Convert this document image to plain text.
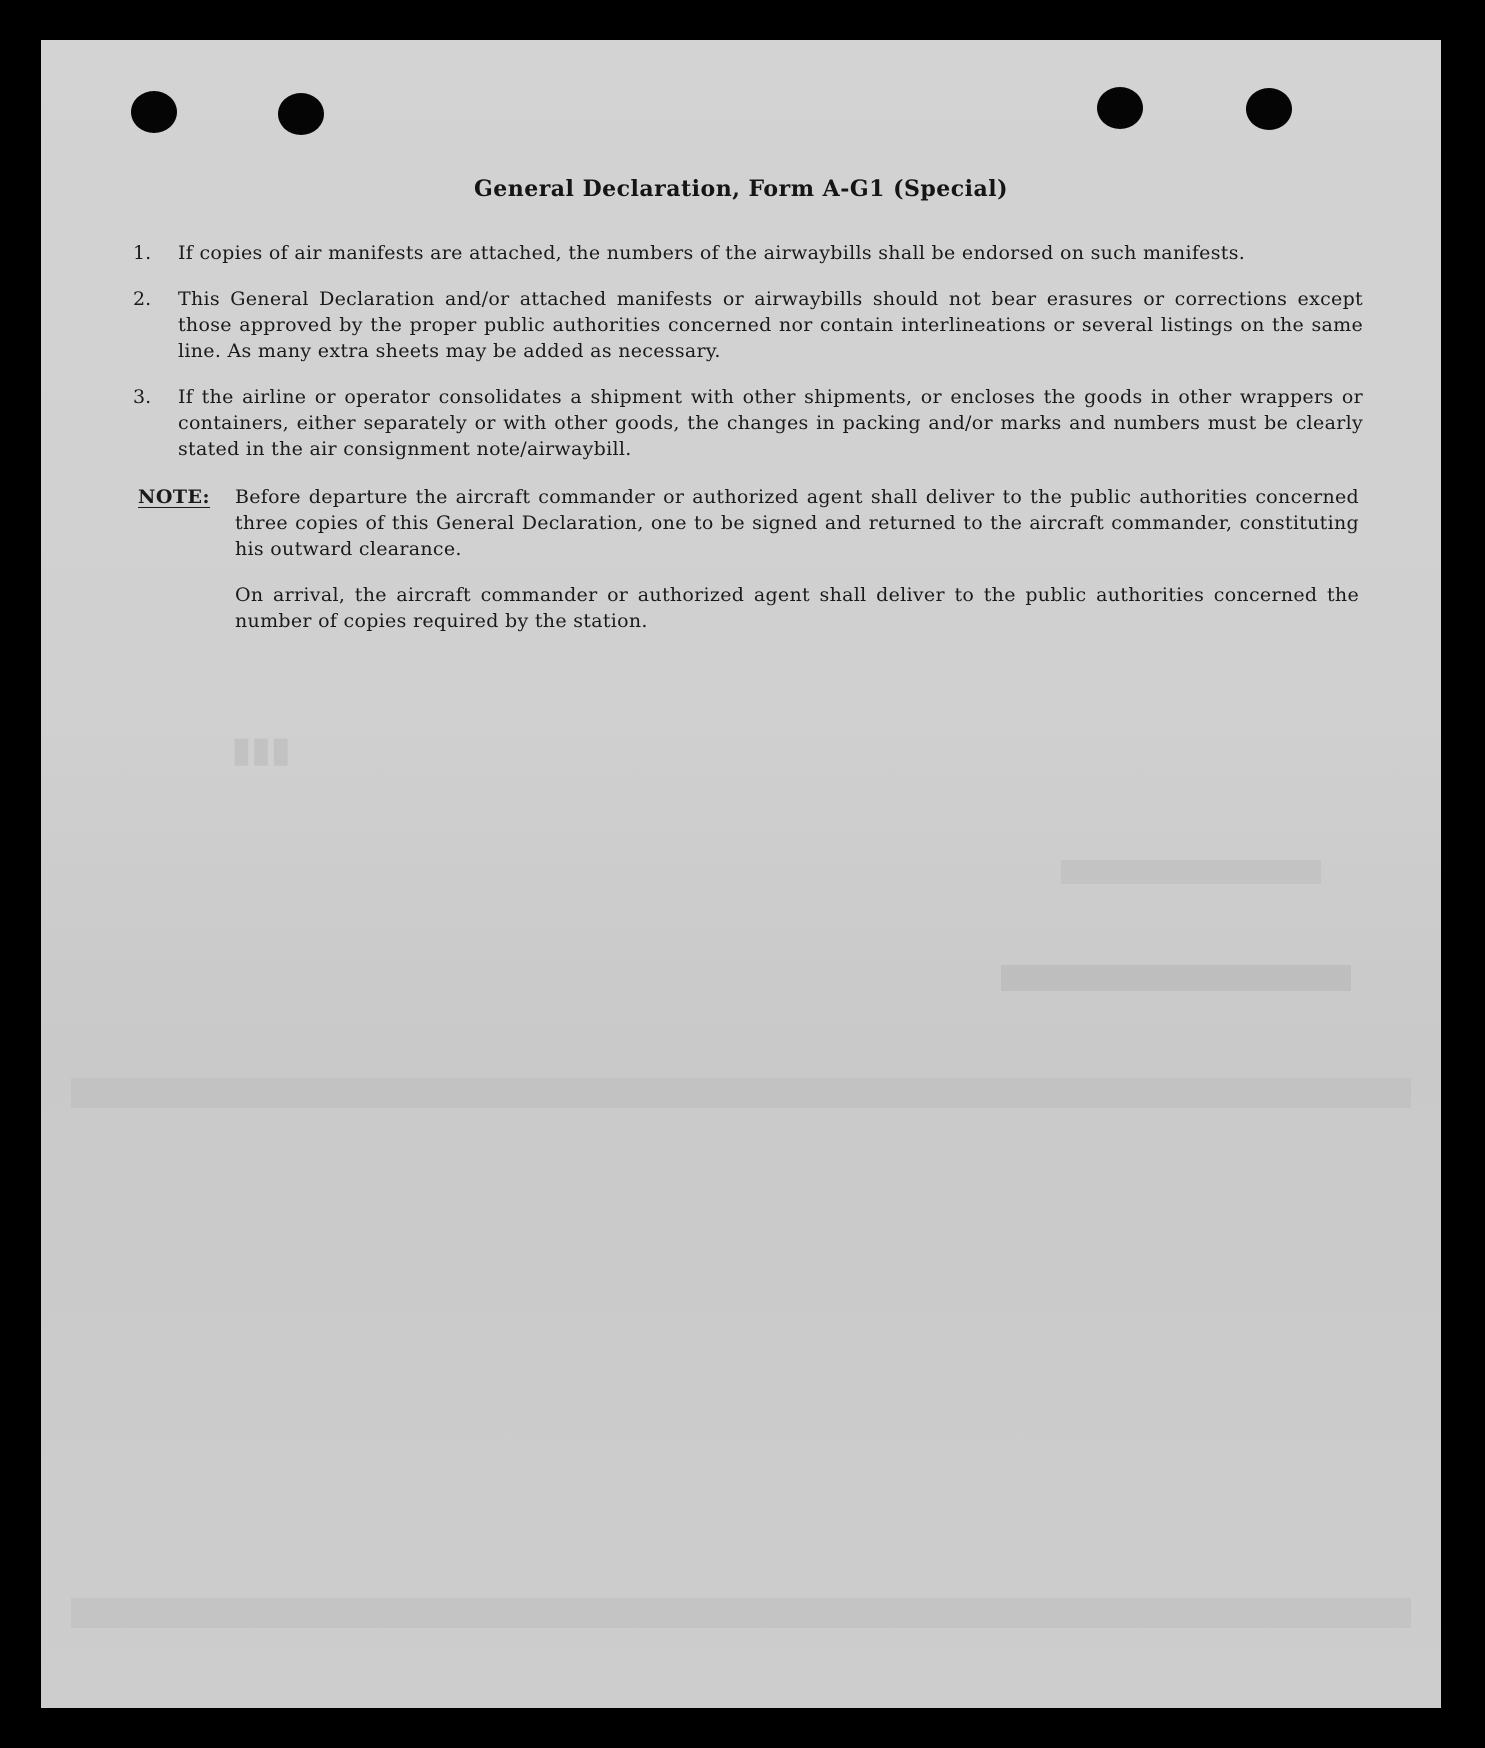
▮▮▮
General Declaration, Form A-G1 (Special)
1.	If copies of air manifests are attached, the numbers of the airwaybills shall be endorsed on such manifests.
2.	This General Declaration and/or attached manifests or airwaybills should not bear erasures or corrections except those approved by the proper public authorities concerned nor contain interlineations or several listings on the same line. As many extra sheets may be added as necessary.
3.	If the airline or operator consolidates a shipment with other shipments, or encloses the goods in other wrappers or containers, either separately or with other goods, the changes in packing and/or marks and numbers must be clearly stated in the air consignment note/airwaybill.
NOTE: Before departure the aircraft commander or authorized agent shall deliver to the public authorities concerned three copies of this General Declaration, one to be signed and returned to the aircraft commander, constituting his outward clearance.
On arrival, the aircraft commander or authorized agent shall deliver to the public authorities concerned the number of copies required by the station.
